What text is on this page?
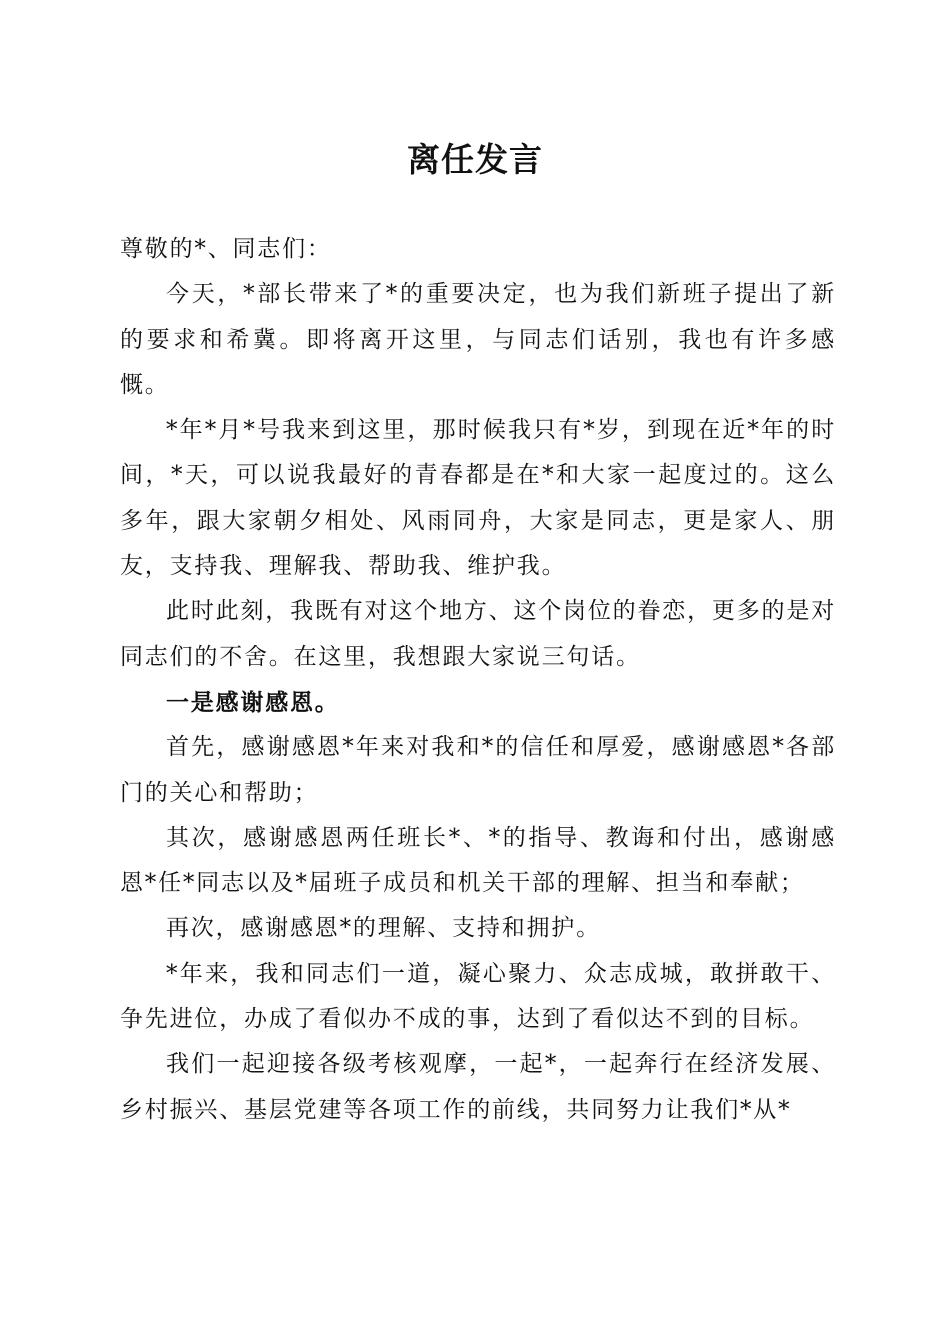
离任发言

尊敬的*、同志们：

今天，*部长带来了*的重要决定，也为我们新班子提出了新的要求和希冀。即将离开这里，与同志们话别，我也有许多感慨。

*年*月*号我来到这里，那时候我只有*岁，到现在近*年的时间，*天，可以说我最好的青春都是在*和大家一起度过的。这么多年，跟大家朝夕相处、风雨同舟，大家是同志，更是家人、朋友，支持我、理解我、帮助我、维护我。

此时此刻，我既有对这个地方、这个岗位的眷恋，更多的是对同志们的不舍。在这里，我想跟大家说三句话。

一是感谢感恩。

首先，感谢感恩*年来对我和*的信任和厚爱，感谢感恩*各部门的关心和帮助；

其次，感谢感恩两任班长*、*的指导、教诲和付出，感谢感恩*任*同志以及*届班子成员和机关干部的理解、担当和奉献；

再次，感谢感恩*的理解、支持和拥护。

*年来，我和同志们一道，凝心聚力、众志成城，敢拼敢干、争先进位，办成了看似办不成的事，达到了看似达不到的目标。

我们一起迎接各级考核观摩，一起*，一起奔行在经济发展、乡村振兴、基层党建等各项工作的前线，共同努力让我们*从*
